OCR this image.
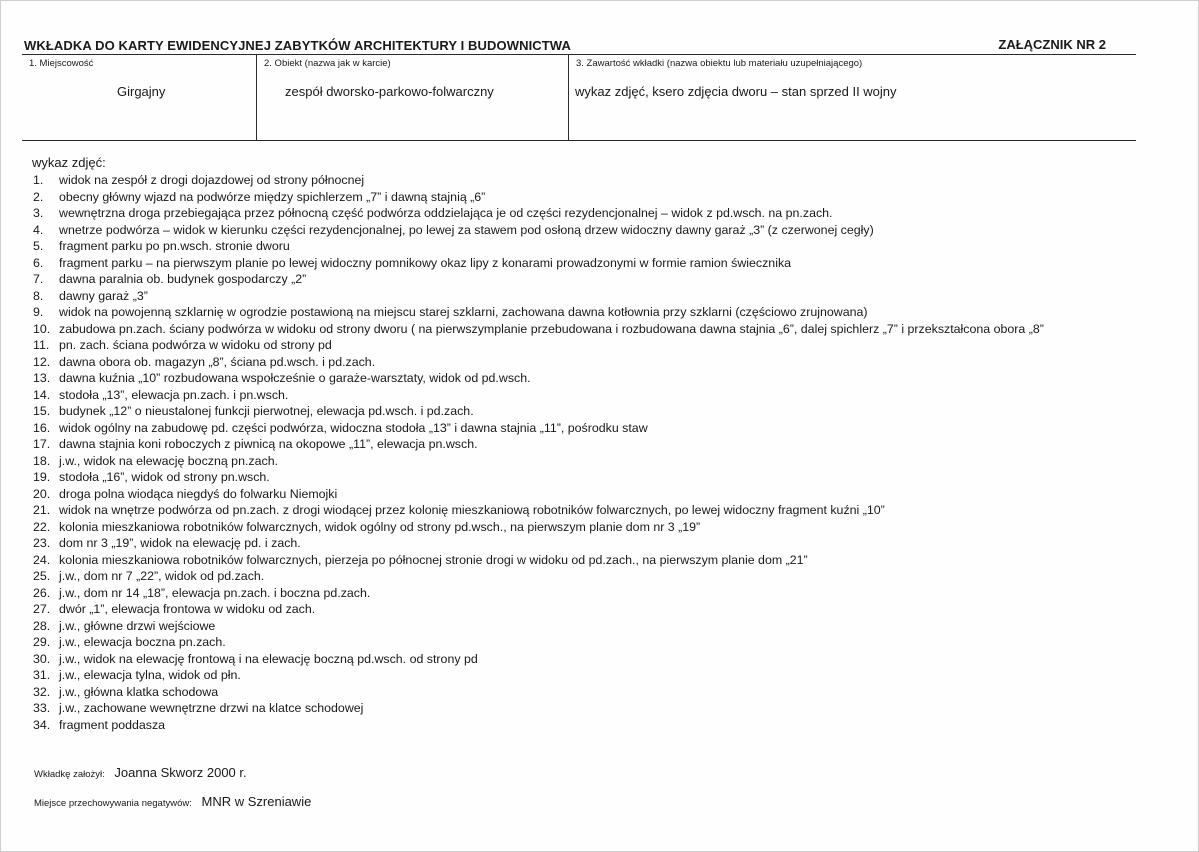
WKŁADKA DO KARTY EWIDENCYJNEJ ZABYTKÓW ARCHITEKTURY I BUDOWNICTWA	ZAŁĄCZNIK NR 2
1. Miejscowość
Girgajny
2. Obiekt (nazwa jak w karcie)
zespół dworsko-parkowo-folwarczny
3. Zawartość wkładki (nazwa obiektu lub materiału uzupełniającego)
wykaz zdjęć, ksero zdjęcia dworu – stan sprzed II wojny
wykaz zdjęć:
1.	widok na zespół z drogi dojazdowej od strony północnej
2.	obecny główny wjazd na podwórze między spichlerzem „7” i dawną stajnią „6”
3.	wewnętrzna droga przebiegająca przez północną część podwórza oddzielająca je od części rezydencjonalnej – widok z pd.wsch. na pn.zach.
4.	wnetrze podwórza – widok w kierunku części rezydencjonalnej, po lewej za stawem pod osłoną drzew widoczny dawny garaż „3” (z czerwonej cegły)
5.	fragment parku po pn.wsch. stronie dworu
6.	fragment parku – na pierwszym planie po lewej widoczny pomnikowy okaz lipy z konarami prowadzonymi w formie ramion świecznika
7.	dawna paralnia ob. budynek gospodarczy „2”
8.	dawny garaż „3”
9.	widok na powojenną szklarnię w ogrodzie postawioną na miejscu starej szklarni, zachowana dawna kotłownia przy szklarni (częściowo zrujnowana)
10. zabudowa pn.zach. ściany podwórza w widoku od strony dworu ( na pierwszymplanie przebudowana i rozbudowana dawna stajnia „6”, dalej spichlerz „7” i przekształcona obora „8”
11. pn. zach. ściana podwórza w widoku od strony pd
12. dawna obora ob. magazyn „8”, ściana pd.wsch. i pd.zach.
13. dawna kuźnia „10” rozbudowana wspołcześnie o garaże-warsztaty, widok od pd.wsch.
14. stodoła „13”, elewacja pn.zach. i pn.wsch.
15. budynek „12” o nieustalonej funkcji pierwotnej, elewacja pd.wsch. i pd.zach.
16. widok ogólny na zabudowę pd. części podwórza, widoczna stodoła „13” i dawna stajnia „11”, pośrodku staw
17. dawna stajnia koni roboczych z piwnicą na okopowe „11”, elewacja pn.wsch.
18. j.w., widok na elewację boczną pn.zach.
19. stodoła „16”, widok od strony pn.wsch.
20. droga polna wiodąca niegdyś do folwarku Niemojki
21. widok na wnętrze podwórza od pn.zach. z drogi wiodącej przez kolonię mieszkaniową robotników folwarcznych, po lewej widoczny fragment kuźni „10”
22. kolonia mieszkaniowa robotników folwarcznych, widok ogólny od strony pd.wsch., na pierwszym planie dom nr 3 „19”
23. dom nr 3 „19”, widok na elewację pd. i zach.
24. kolonia mieszkaniowa robotników folwarcznych, pierzeja po północnej stronie drogi w widoku od pd.zach., na pierwszym planie dom „21”
25. j.w., dom nr 7 „22”, widok od pd.zach.
26. j.w., dom nr 14 „18”, elewacja pn.zach. i boczna pd.zach.
27. dwór „1”, elewacja frontowa w widoku od zach.
28. j.w., główne drzwi wejściowe
29. j.w., elewacja boczna pn.zach.
30. j.w., widok na elewację frontową i na elewację boczną pd.wsch. od strony pd
31. j.w., elewacja tylna, widok od płn.
32. j.w., główna klatka schodowa
33. j.w., zachowane wewnętrzne drzwi na klatce schodowej
34. fragment poddasza
Wkładkę założył: Joanna Skworz 2000 r.
Miejsce przechowywania negatywów: MNR w Szreniawie
